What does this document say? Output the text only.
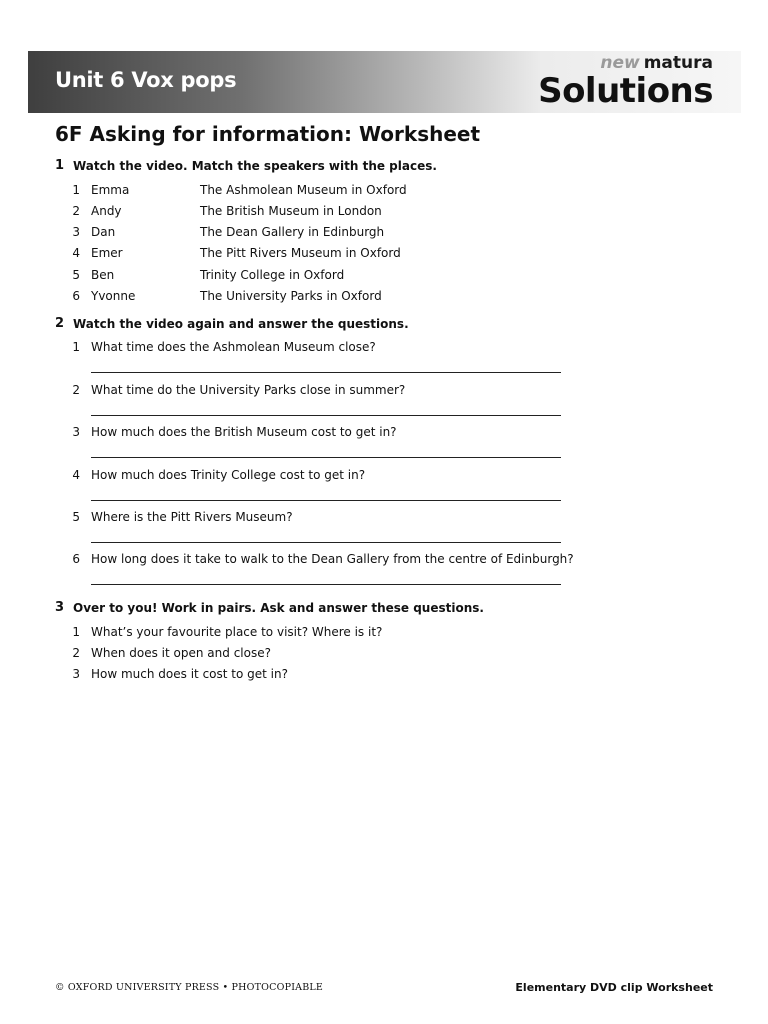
Unit 6 Vox pops
new matura
Solutions
6F Asking for information: Worksheet
1 Watch the video. Match the speakers with the places.
1 Emma	The Ashmolean Museum in Oxford
2 Andy	The British Museum in London
3 Dan	The Dean Gallery in Edinburgh
4 Emer	The Pitt Rivers Museum in Oxford
5 Ben	Trinity College in Oxford
6 Yvonne	The University Parks in Oxford
2 Watch the video again and answer the questions.
1 What time does the Ashmolean Museum close?
2 What time do the University Parks close in summer?
3 How much does the British Museum cost to get in?
4 How much does Trinity College cost to get in?
5 Where is the Pitt Rivers Museum?
6 How long does it take to walk to the Dean Gallery from the centre of Edinburgh?
3 Over to you! Work in pairs. Ask and answer these questions.
1 What’s your favourite place to visit? Where is it?
2 When does it open and close?
3 How much does it cost to get in?
© OXFORD UNIVERSITY PRESS • PHOTOCOPIABLE	Elementary DVD clip Worksheet
